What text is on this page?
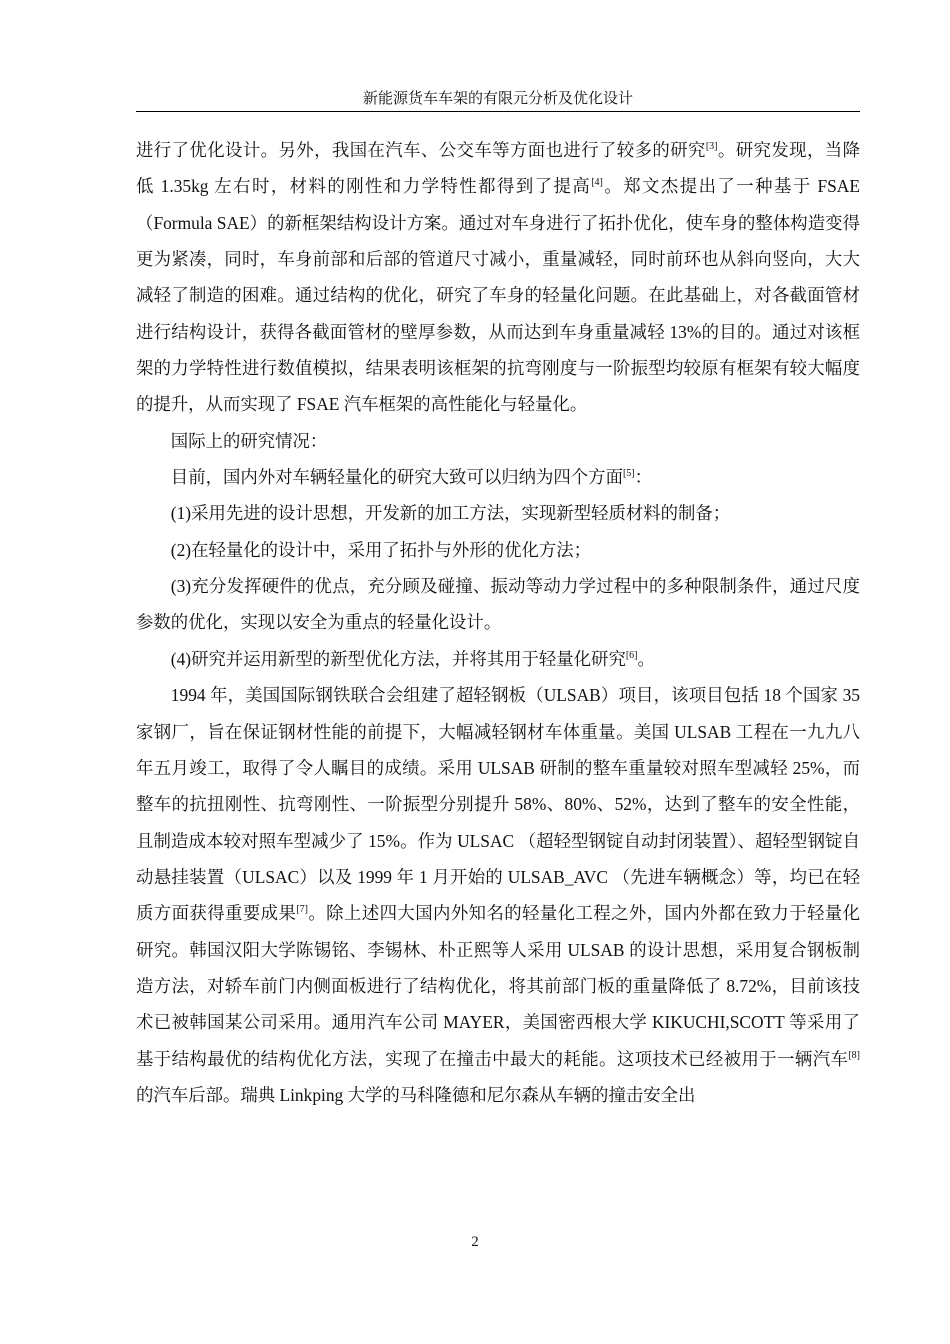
新能源货车车架的有限元分析及优化设计

进行了优化设计。另外，我国在汽车、公交车等方面也进行了较多的研究[3]。研究发现，当降低 1.35kg 左右时，材料的刚性和力学特性都得到了提高[4]。郑文杰提出了一种基于 FSAE（Formula SAE）的新框架结构设计方案。通过对车身进行了拓扑优化，使车身的整体构造变得更为紧凑，同时，车身前部和后部的管道尺寸减小，重量减轻，同时前环也从斜向竖向，大大减轻了制造的困难。通过结构的优化，研究了车身的轻量化问题。在此基础上，对各截面管材进行结构设计，获得各截面管材的壁厚参数，从而达到车身重量减轻 13%的目的。通过对该框架的力学特性进行数值模拟，结果表明该框架的抗弯刚度与一阶振型均较原有框架有较大幅度的提升，从而实现了 FSAE 汽车框架的高性能化与轻量化。

国际上的研究情况：

目前，国内外对车辆轻量化的研究大致可以归纳为四个方面[5]：

(1)采用先进的设计思想，开发新的加工方法，实现新型轻质材料的制备；

(2)在轻量化的设计中，采用了拓扑与外形的优化方法；

(3)充分发挥硬件的优点，充分顾及碰撞、振动等动力学过程中的多种限制条件，通过尺度参数的优化，实现以安全为重点的轻量化设计。

(4)研究并运用新型的新型优化方法，并将其用于轻量化研究[6]。

1994 年，美国国际钢铁联合会组建了超轻钢板（ULSAB）项目，该项目包括 18 个国家 35 家钢厂，旨在保证钢材性能的前提下，大幅减轻钢材车体重量。美国 ULSAB 工程在一九九八年五月竣工，取得了令人瞩目的成绩。采用 ULSAB 研制的整车重量较对照车型减轻 25%，而整车的抗扭刚性、抗弯刚性、一阶振型分别提升 58%、80%、52%，达到了整车的安全性能，且制造成本较对照车型减少了 15%。作为 ULSAC （超轻型钢锭自动封闭装置）、超轻型钢锭自动悬挂装置（ULSAC）以及 1999 年 1 月开始的 ULSAB_AVC （先进车辆概念）等，均已在轻质方面获得重要成果[7]。除上述四大国内外知名的轻量化工程之外，国内外都在致力于轻量化研究。韩国汉阳大学陈锡铭、李锡林、朴正熙等人采用 ULSAB 的设计思想，采用复合钢板制造方法，对轿车前门内侧面板进行了结构优化，将其前部门板的重量降低了 8.72%，目前该技术已被韩国某公司采用。通用汽车公司 MAYER，美国密西根大学 KIKUCHI,SCOTT 等采用了基于结构最优的结构优化方法，实现了在撞击中最大的耗能。这项技术已经被用于一辆汽车[8]的汽车后部。瑞典 Linkping 大学的马科隆德和尼尔森从车辆的撞击安全出

2
